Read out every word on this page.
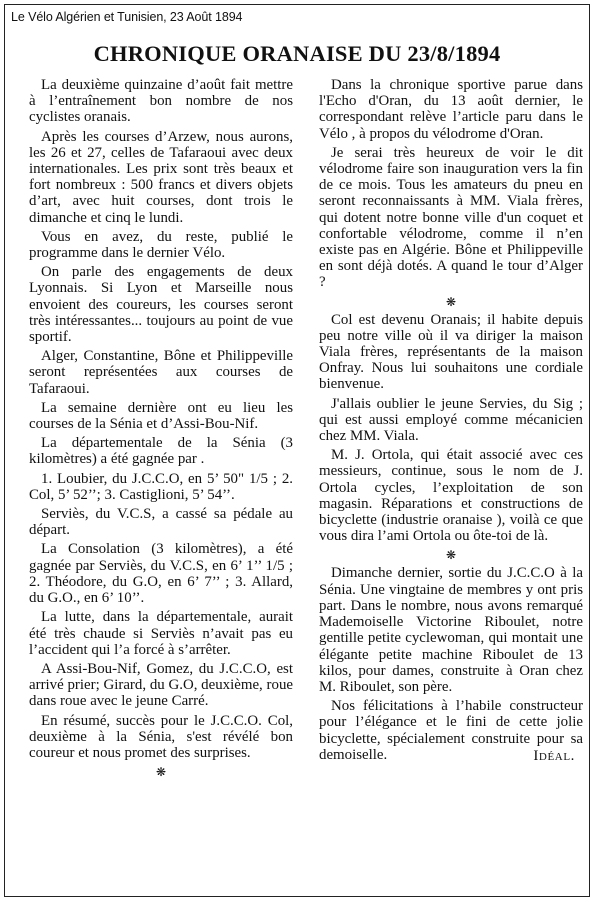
Le Vélo Algérien et Tunisien, 23 Août 1894
CHRONIQUE ORANAISE DU 23/8/1894

La deuxième quinzaine d’août fait mettre à l’entraînement bon nombre de nos cyclistes oranais.

Après les courses d’Arzew, nous aurons, les 26 et 27, celles de Tafaraoui avec deux internationales. Les prix sont très beaux et fort nombreux : 500 francs et divers objets d’art, avec huit courses, dont trois le dimanche et cinq le lundi.

Vous en avez, du reste, publié le programme dans le dernier Vélo.

On parle des engagements de deux Lyonnais. Si Lyon et Marseille nous envoient des coureurs, les courses seront très intéressantes... toujours au point de vue sportif.

Alger, Constantine, Bône et Philippeville seront représentées aux courses de Tafaraoui.

La semaine dernière ont eu lieu les courses de la Sénia et d’Assi-Bou-Nif.

La départementale de la Sénia (3 kilomètres) a été gagnée par .

1. Loubier, du J.C.C.O, en 5’ 50" 1/5 ; 2. Col, 5’ 52’’; 3. Castiglioni, 5’ 54’’.

Serviès, du V.C.S, a cassé sa pédale au départ.

La Consolation (3 kilomètres), a été gagnée par Serviès, du V.C.S, en 6’ 1’’ 1/5 ; 2. Théodore, du G.O, en 6’ 7’’ ; 3. Allard, du G.O., en 6’ 10’’.

La lutte, dans la départementale, aurait été très chaude si Serviès n’avait pas eu l’accident qui l’a forcé à s’arrêter.

A Assi-Bou-Nif, Gomez, du J.C.C.O, est arrivé prier; Girard, du G.O, deuxième, roue dans roue avec le jeune Carré.

En résumé, succès pour le J.C.C.O. Col, deuxième à la Sénia, s'est révélé bon coureur et nous promet des surprises.

❋

Dans la chronique sportive parue dans l'Echo d'Oran, du 13 août dernier, le correspondant relève l’article paru dans le Vélo , à propos du vélodrome d'Oran.

Je serai très heureux de voir le dit vélodrome faire son inauguration vers la fin de ce mois. Tous les amateurs du pneu en seront reconnaissants à MM. Viala frères, qui dotent notre bonne ville d'un coquet et confortable vélodrome, comme il n’en existe pas en Algérie. Bône et Philippeville en sont déjà dotés. A quand le tour d’Alger ?

❋

Col est devenu Oranais; il habite depuis peu notre ville où il va diriger la maison Viala frères, représentants de la maison Onfray. Nous lui souhaitons une cordiale bienvenue.

J'allais oublier le jeune Servies, du Sig ; qui est aussi employé comme mécanicien chez MM. Viala.

M. J. Ortola, qui était associé avec ces messieurs, continue, sous le nom de J. Ortola cycles, l’exploitation de son magasin. Réparations et constructions de bicyclette (industrie oranaise ), voilà ce que vous dira l’ami Ortola ou ôte-toi de là.

❋

Dimanche dernier, sortie du J.C.C.O à la Sénia. Une vingtaine de membres y ont pris part. Dans le nombre, nous avons remarqué Mademoiselle Victorine Riboulet, notre gentille petite cyclewoman, qui montait une élégante petite machine Riboulet de 13 kilos, pour dames, construite à Oran chez M. Riboulet, son père.

Nos félicitations à l’habile constructeur pour l’élégance et le fini de cette jolie bicyclette, spécialement construite pour sa demoiselle.	Idéal.
